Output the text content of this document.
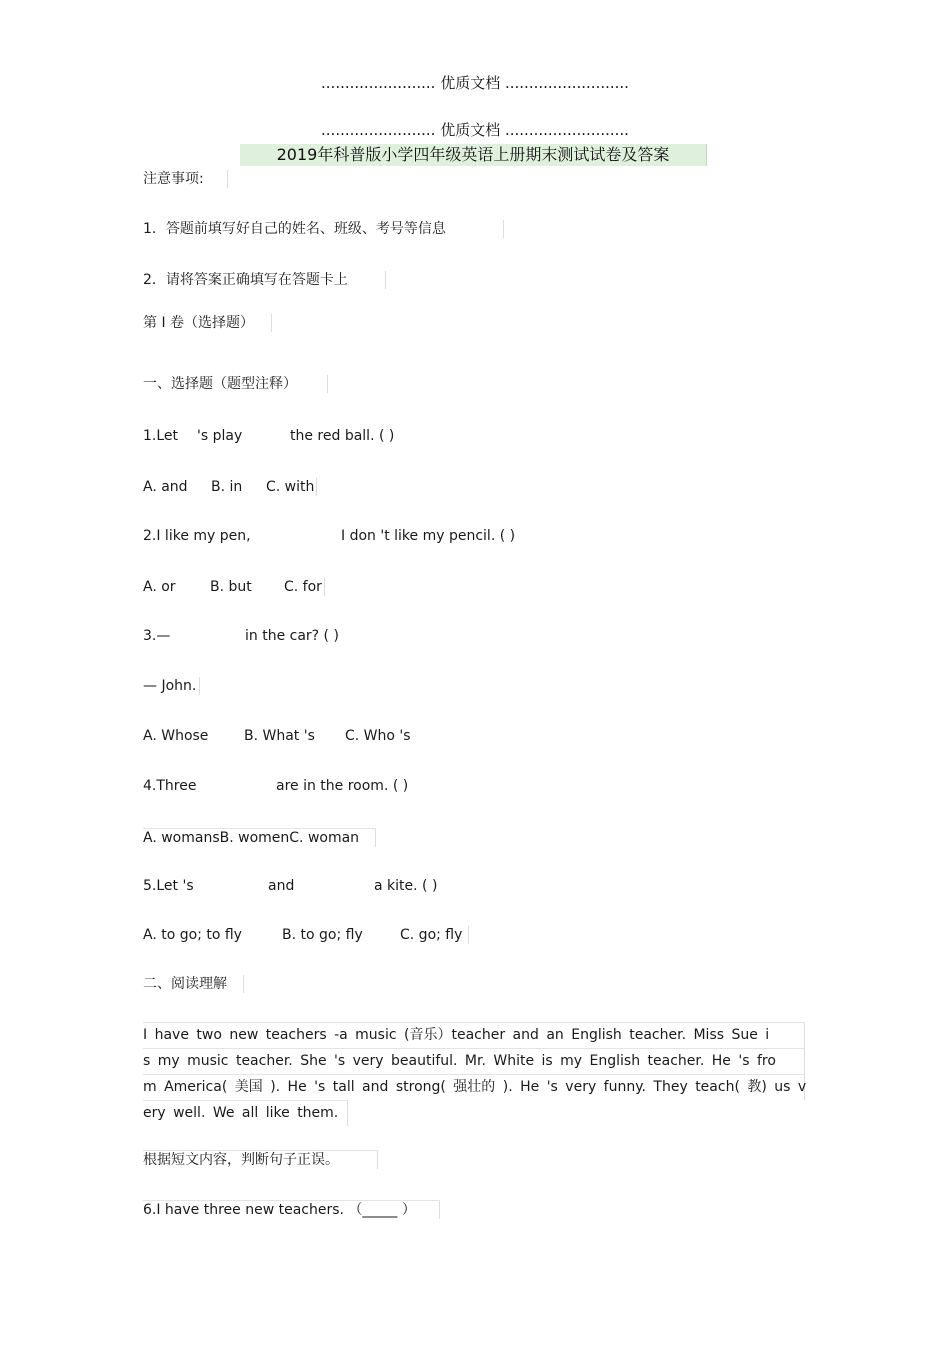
........................ 优质文档 ..........................
........................ 优质文档 ..........................
2019年科普版小学四年级英语上册期末测试试卷及答案
注意事项:
1．答题前填写好自己的姓名、班级、考号等信息
2．请将答案正确填写在答题卡上
第 I 卷（选择题）
一、选择题（题型注释）
1.Let 's play	the red ball. ( )
A. and B. in C. with
2.I like my pen,	I don 't like my pencil. ( )
A. or B. but C. for
3.—	in the car? ( )
— John.
A. Whose	B. What 's C. Who 's
4.Three	are in the room. ( )
A. womansB. womenC. woman
5.Let 's	and	a kite. ( )
A. to go; to fly	B. to go; fly	C. go; fly
二、阅读理解
I have two new teachers -a music (音乐）teacher and an English teacher. Miss Sue i
s my music teacher. She 's very beautiful. Mr. White is my English teacher. He 's fro
m America( 美国 ). He 's tall and strong( 强壮的 ). He 's very funny. They teach( 教) us v
ery well. We all like them.
根据短文内容，判断句子正误。
6.I have three new teachers. （_____ ）
